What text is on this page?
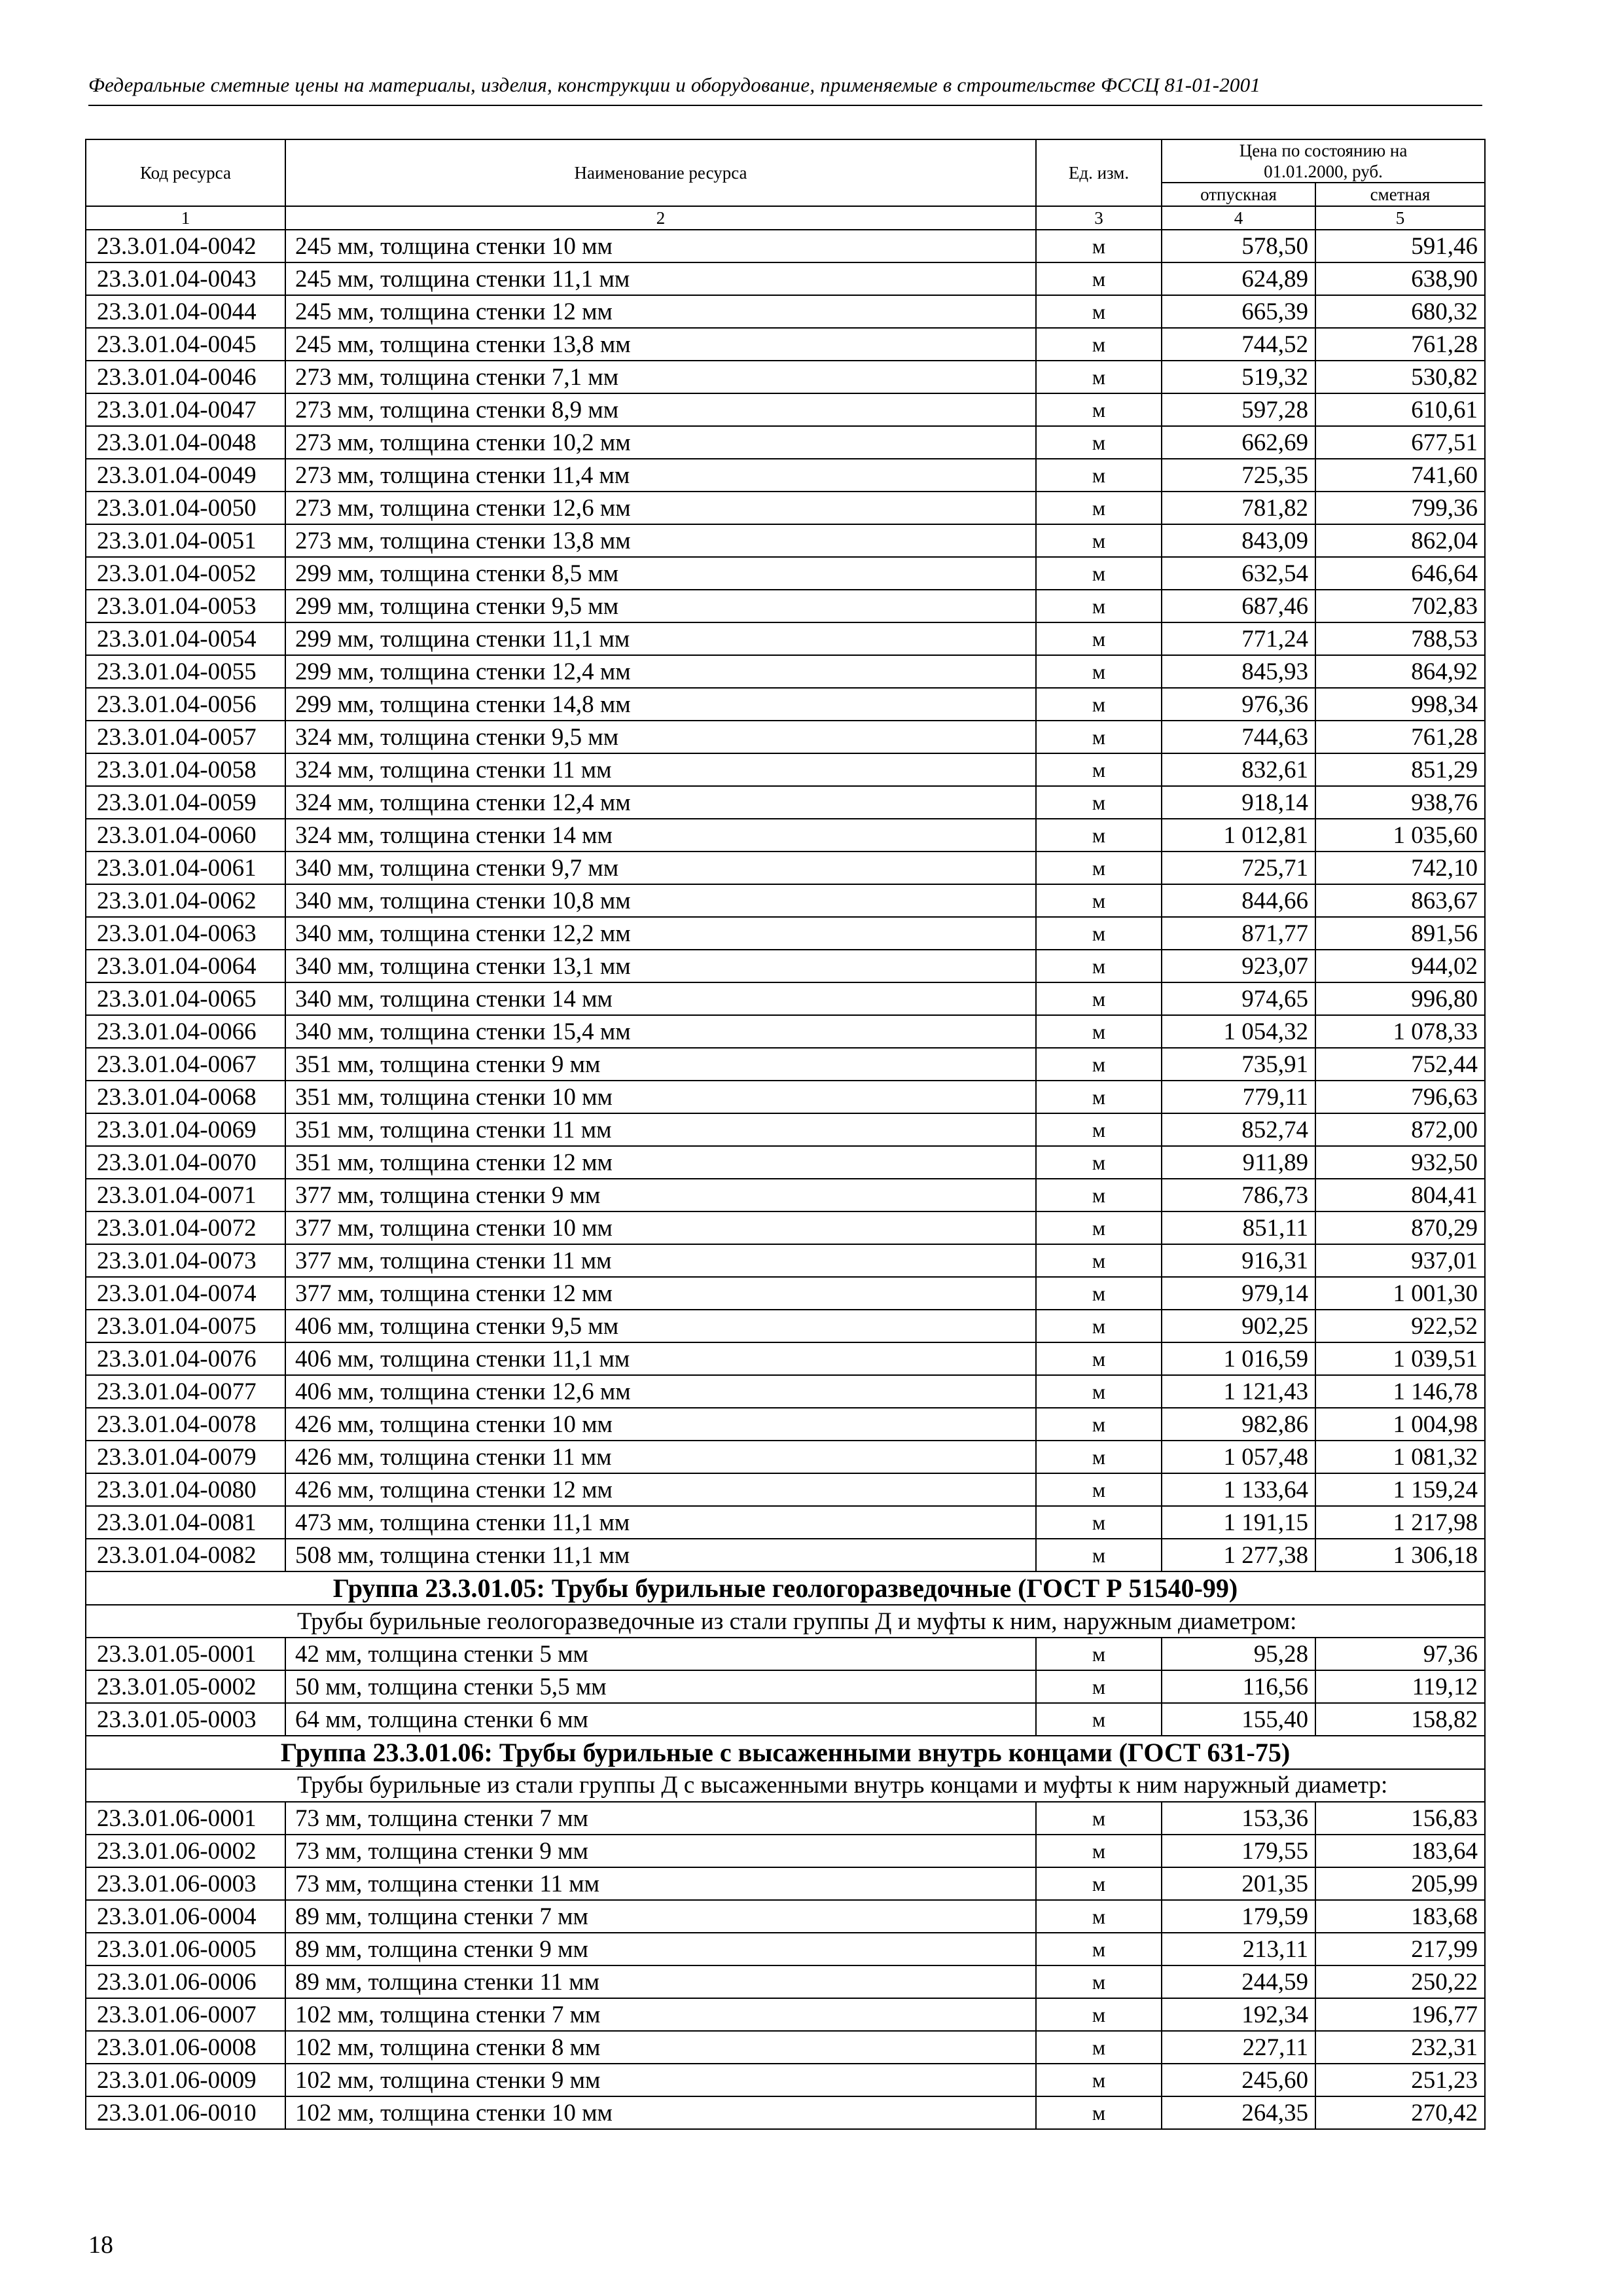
Федеральные сметные цены на материалы, изделия, конструкции и оборудование, применяемые в строительстве ФССЦ 81-01-2001
Код ресурса	Наименование ресурса	Ед. изм.	Цена по состоянию на 01.01.2000, руб.	
			отпускная	сметная
1	2	3	4	5
23.3.01.04-0042	245 мм, толщина стенки 10 мм	м	578,50	591,46
23.3.01.04-0043	245 мм, толщина стенки 11,1 мм	м	624,89	638,90
23.3.01.04-0044	245 мм, толщина стенки 12 мм	м	665,39	680,32
23.3.01.04-0045	245 мм, толщина стенки 13,8 мм	м	744,52	761,28
23.3.01.04-0046	273 мм, толщина стенки 7,1 мм	м	519,32	530,82
23.3.01.04-0047	273 мм, толщина стенки 8,9 мм	м	597,28	610,61
23.3.01.04-0048	273 мм, толщина стенки 10,2 мм	м	662,69	677,51
23.3.01.04-0049	273 мм, толщина стенки 11,4 мм	м	725,35	741,60
23.3.01.04-0050	273 мм, толщина стенки 12,6 мм	м	781,82	799,36
23.3.01.04-0051	273 мм, толщина стенки 13,8 мм	м	843,09	862,04
23.3.01.04-0052	299 мм, толщина стенки 8,5 мм	м	632,54	646,64
23.3.01.04-0053	299 мм, толщина стенки 9,5 мм	м	687,46	702,83
23.3.01.04-0054	299 мм, толщина стенки 11,1 мм	м	771,24	788,53
23.3.01.04-0055	299 мм, толщина стенки 12,4 мм	м	845,93	864,92
23.3.01.04-0056	299 мм, толщина стенки 14,8 мм	м	976,36	998,34
23.3.01.04-0057	324 мм, толщина стенки 9,5 мм	м	744,63	761,28
23.3.01.04-0058	324 мм, толщина стенки 11 мм	м	832,61	851,29
23.3.01.04-0059	324 мм, толщина стенки 12,4 мм	м	918,14	938,76
23.3.01.04-0060	324 мм, толщина стенки 14 мм	м	1 012,81	1 035,60
23.3.01.04-0061	340 мм, толщина стенки 9,7 мм	м	725,71	742,10
23.3.01.04-0062	340 мм, толщина стенки 10,8 мм	м	844,66	863,67
23.3.01.04-0063	340 мм, толщина стенки 12,2 мм	м	871,77	891,56
23.3.01.04-0064	340 мм, толщина стенки 13,1 мм	м	923,07	944,02
23.3.01.04-0065	340 мм, толщина стенки 14 мм	м	974,65	996,80
23.3.01.04-0066	340 мм, толщина стенки 15,4 мм	м	1 054,32	1 078,33
23.3.01.04-0067	351 мм, толщина стенки 9 мм	м	735,91	752,44
23.3.01.04-0068	351 мм, толщина стенки 10 мм	м	779,11	796,63
23.3.01.04-0069	351 мм, толщина стенки 11 мм	м	852,74	872,00
23.3.01.04-0070	351 мм, толщина стенки 12 мм	м	911,89	932,50
23.3.01.04-0071	377 мм, толщина стенки 9 мм	м	786,73	804,41
23.3.01.04-0072	377 мм, толщина стенки 10 мм	м	851,11	870,29
23.3.01.04-0073	377 мм, толщина стенки 11 мм	м	916,31	937,01
23.3.01.04-0074	377 мм, толщина стенки 12 мм	м	979,14	1 001,30
23.3.01.04-0075	406 мм, толщина стенки 9,5 мм	м	902,25	922,52
23.3.01.04-0076	406 мм, толщина стенки 11,1 мм	м	1 016,59	1 039,51
23.3.01.04-0077	406 мм, толщина стенки 12,6 мм	м	1 121,43	1 146,78
23.3.01.04-0078	426 мм, толщина стенки 10 мм	м	982,86	1 004,98
23.3.01.04-0079	426 мм, толщина стенки 11 мм	м	1 057,48	1 081,32
23.3.01.04-0080	426 мм, толщина стенки 12 мм	м	1 133,64	1 159,24
23.3.01.04-0081	473 мм, толщина стенки 11,1 мм	м	1 191,15	1 217,98
23.3.01.04-0082	508 мм, толщина стенки 11,1 мм	м	1 277,38	1 306,18
Группа 23.3.01.05: Трубы бурильные геологоразведочные (ГОСТ Р 51540-99)				
Трубы бурильные геологоразведочные из стали группы Д и муфты к ним, наружным диаметром:				
23.3.01.05-0001	42 мм, толщина стенки 5 мм	м	95,28	97,36
23.3.01.05-0002	50 мм, толщина стенки 5,5 мм	м	116,56	119,12
23.3.01.05-0003	64 мм, толщина стенки 6 мм	м	155,40	158,82
Группа 23.3.01.06: Трубы бурильные с высаженными внутрь концами (ГОСТ 631-75)				
Трубы бурильные из стали группы Д с высаженными внутрь концами и муфты к ним наружный диаметр:				
23.3.01.06-0001	73 мм, толщина стенки 7 мм	м	153,36	156,83
23.3.01.06-0002	73 мм, толщина стенки 9 мм	м	179,55	183,64
23.3.01.06-0003	73 мм, толщина стенки 11 мм	м	201,35	205,99
23.3.01.06-0004	89 мм, толщина стенки 7 мм	м	179,59	183,68
23.3.01.06-0005	89 мм, толщина стенки 9 мм	м	213,11	217,99
23.3.01.06-0006	89 мм, толщина стенки 11 мм	м	244,59	250,22
23.3.01.06-0007	102 мм, толщина стенки 7 мм	м	192,34	196,77
23.3.01.06-0008	102 мм, толщина стенки 8 мм	м	227,11	232,31
23.3.01.06-0009	102 мм, толщина стенки 9 мм	м	245,60	251,23
23.3.01.06-0010	102 мм, толщина стенки 10 мм	м	264,35	270,42
18
